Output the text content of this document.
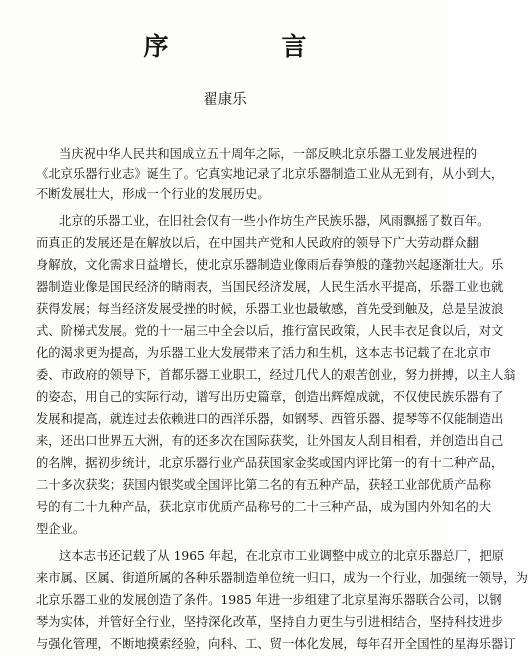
序　言
翟康乐
当庆祝中华人民共和国成立五十周年之际，一部反映北京乐器工业发展进程的
《北京乐器行业志》诞生了。它真实地记录了北京乐器制造工业从无到有，从小到大，
不断发展壮大，形成一个行业的发展历史。
北京的乐器工业，在旧社会仅有一些小作坊生产民族乐器，风雨飘摇了数百年。
而真正的发展还是在解放以后，在中国共产党和人民政府的领导下广大劳动群众翻
身解放，文化需求日益增长，使北京乐器制造业像雨后春笋般的蓬勃兴起逐渐壮大。乐
器制造业像是国民经济的睛雨表，当国民经济发展，人民生活水平提高，乐器工业也就
获得发展；每当经济发展受挫的时候，乐器工业也最敏感，首先受到触及，总是呈波浪
式、阶梯式发展。党的十一届三中全会以后，推行富民政策，人民丰衣足食以后，对文
化的渴求更为提高，为乐器工业大发展带来了活力和生机，这本志书记载了在北京市
委、市政府的领导下，首都乐器工业职工，经过几代人的艰苦创业，努力拼搏，以主人翁
的姿态，用自己的实际行动，谱写出历史篇章，创造出辉煌成就，不仅使民族乐器有了
发展和提高，就连过去依赖进口的西洋乐器，如钢琴、西管乐器、提琴等不仅能制造出
来，还出口世界五大洲，有的还多次在国际获奖，让外国友人刮目相看，并创造出自己
的名牌，据初步统计，北京乐器行业产品获国家金奖或国内评比第一的有十二种产品，
二十多次获奖；获国内银奖或全国评比第二名的有五种产品，获轻工业部优质产品称
号的有二十九种产品，获北京市优质产品称号的二十三种产品，成为国内外知名的大
型企业。
这本志书还记载了从 1965 年起，在北京市工业调整中成立的北京乐器总厂，把原
来市属、区属、街道所属的各种乐器制造单位统一归口，成为一个行业，加强统一领导，为
北京乐器工业的发展创造了条件。1985 年进一步组建了北京星海乐器联合公司，以钢
琴为实体，并管好全行业，坚持深化改革，坚持自力更生与引进相结合，坚持科技进步
与强化管理，不断地摸索经验，向科、工、贸一体化发展，每年召开全国性的星海乐器订
